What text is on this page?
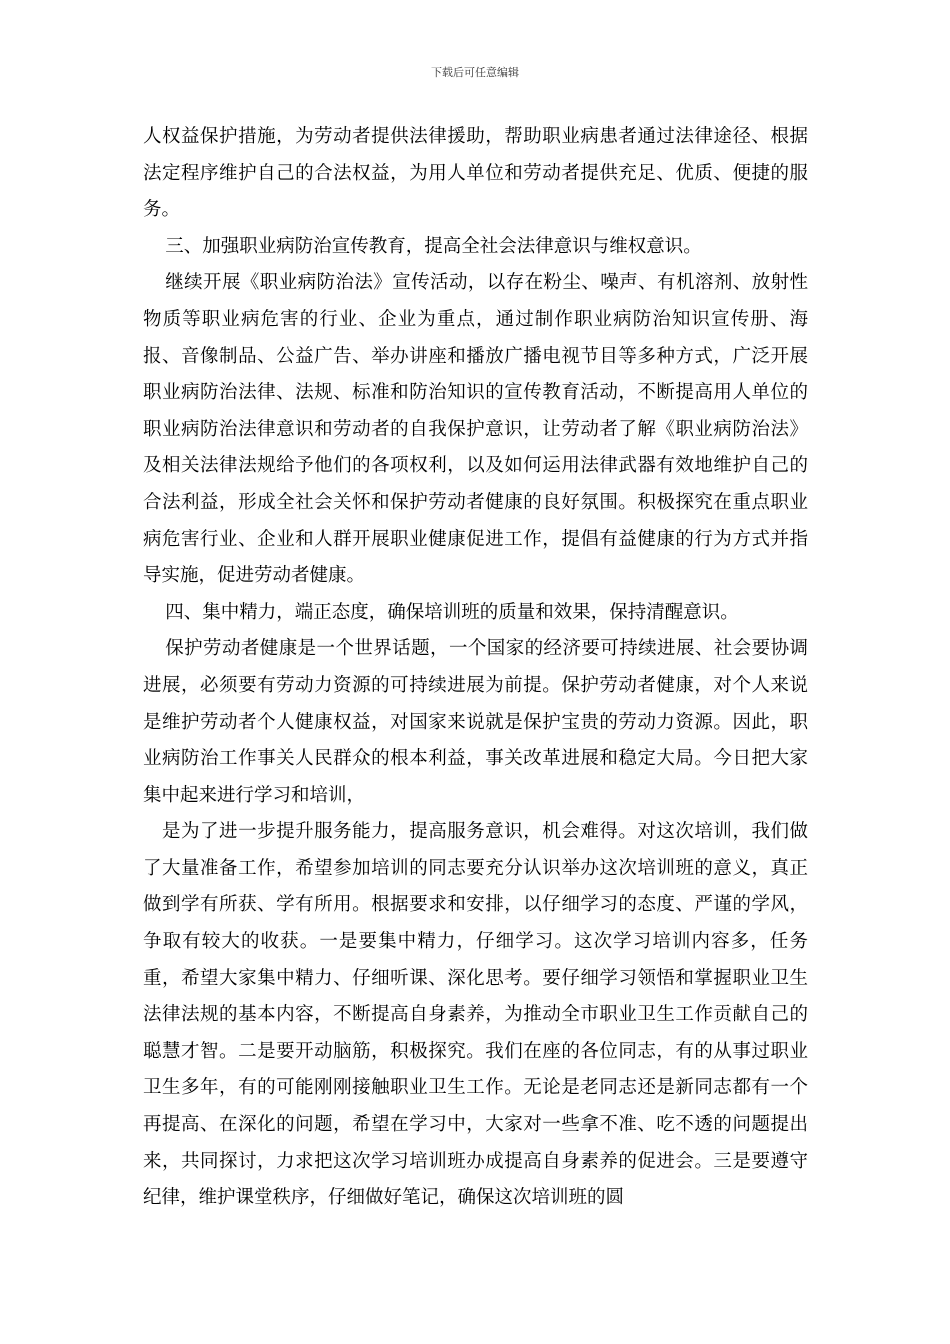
下载后可任意编辑

人权益保护措施，为劳动者提供法律援助，帮助职业病患者通过法律途径、根据法定程序维护自己的合法权益，为用人单位和劳动者提供充足、优质、便捷的服务。

三、加强职业病防治宣传教育，提高全社会法律意识与维权意识。

继续开展《职业病防治法》宣传活动，以存在粉尘、噪声、有机溶剂、放射性物质等职业病危害的行业、企业为重点，通过制作职业病防治知识宣传册、海报、音像制品、公益广告、举办讲座和播放广播电视节目等多种方式，广泛开展职业病防治法律、法规、标准和防治知识的宣传教育活动，不断提高用人单位的职业病防治法律意识和劳动者的自我保护意识，让劳动者了解《职业病防治法》及相关法律法规给予他们的各项权利，以及如何运用法律武器有效地维护自己的合法利益，形成全社会关怀和保护劳动者健康的良好氛围。积极探究在重点职业病危害行业、企业和人群开展职业健康促进工作，提倡有益健康的行为方式并指导实施，促进劳动者健康。

四、集中精力，端正态度，确保培训班的质量和效果，保持清醒意识。

保护劳动者健康是一个世界话题，一个国家的经济要可持续进展、社会要协调进展，必须要有劳动力资源的可持续进展为前提。保护劳动者健康，对个人来说是维护劳动者个人健康权益，对国家来说就是保护宝贵的劳动力资源。因此，职业病防治工作事关人民群众的根本利益，事关改革进展和稳定大局。今日把大家集中起来进行学习和培训，

　是为了进一步提升服务能力，提高服务意识，机会难得。对这次培训，我们做了大量准备工作，希望参加培训的同志要充分认识举办这次培训班的意义，真正做到学有所获、学有所用。根据要求和安排，以仔细学习的态度、严谨的学风，争取有较大的收获。一是要集中精力，仔细学习。这次学习培训内容多，任务重，希望大家集中精力、仔细听课、深化思考。要仔细学习领悟和掌握职业卫生法律法规的基本内容，不断提高自身素养，为推动全市职业卫生工作贡献自己的聪慧才智。二是要开动脑筋，积极探究。我们在座的各位同志，有的从事过职业卫生多年，有的可能刚刚接触职业卫生工作。无论是老同志还是新同志都有一个再提高、在深化的问题，希望在学习中，大家对一些拿不准、吃不透的问题提出来，共同探讨，力求把这次学习培训班办成提高自身素养的促进会。三是要遵守纪律，维护课堂秩序，仔细做好笔记，确保这次培训班的圆
